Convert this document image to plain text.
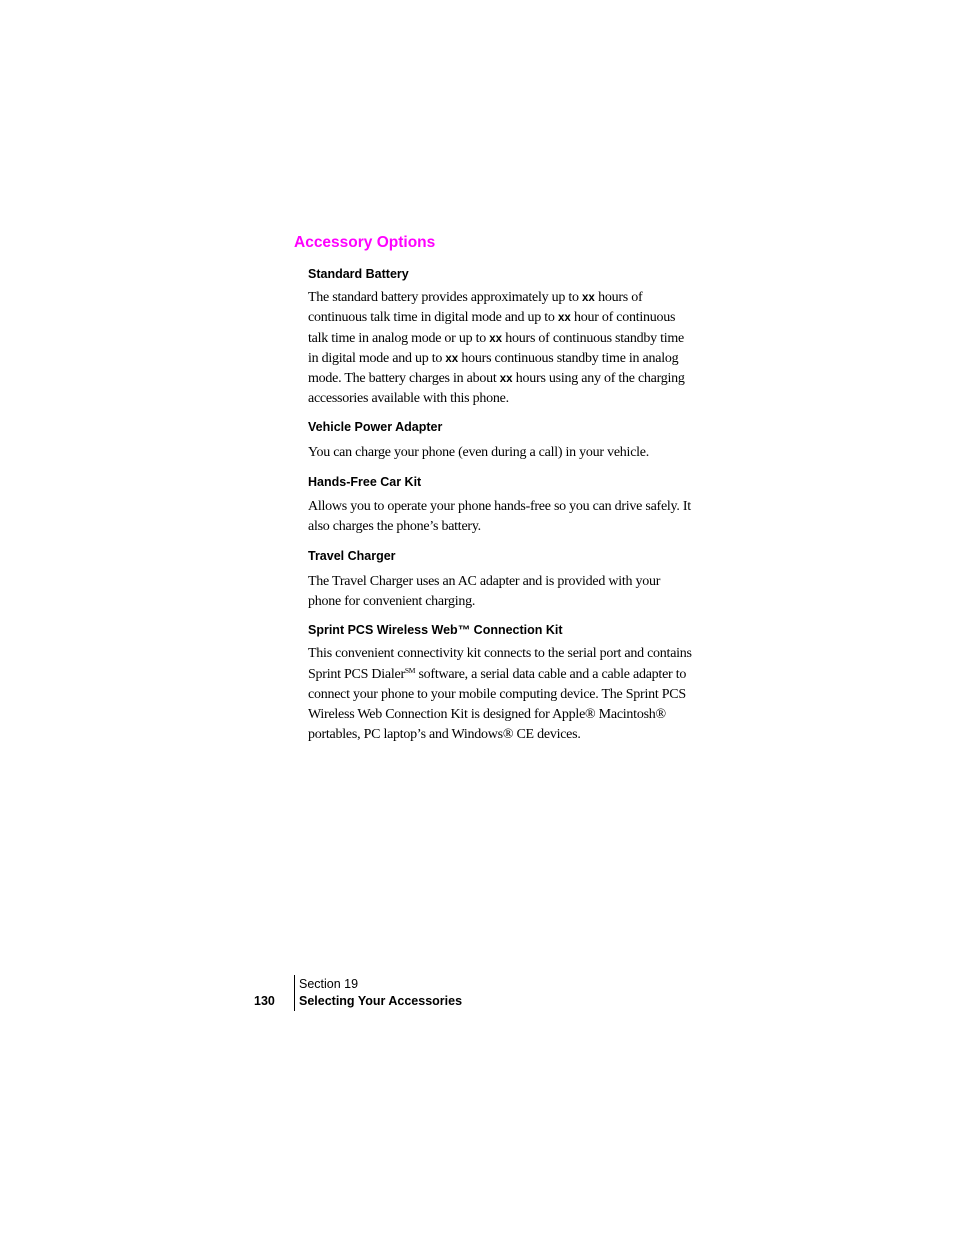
Accessory Options
Standard Battery

The standard battery provides approximately up to xx hours of continuous talk time in digital mode and up to xx hour of continuous talk time in analog mode or up to xx hours of continuous standby time in digital mode and up to xx hours continuous standby time in analog mode. The battery charges in about xx hours using any of the charging accessories available with this phone.

Vehicle Power Adapter

You can charge your phone (even during a call) in your vehicle.

Hands-Free Car Kit

Allows you to operate your phone hands-free so you can drive safely. It also charges the phone’s battery.

Travel Charger

The Travel Charger uses an AC adapter and is provided with your phone for convenient charging.

Sprint PCS Wireless Web™ Connection Kit

This convenient connectivity kit connects to the serial port and contains Sprint PCS Dialer℠ software, a serial data cable and a cable adapter to connect your phone to your mobile computing device. The Sprint PCS Wireless Web Connection Kit is designed for Apple® Macintosh® portables, PC laptop’s and Windows® CE devices.

130
Section 19
Selecting Your Accessories
